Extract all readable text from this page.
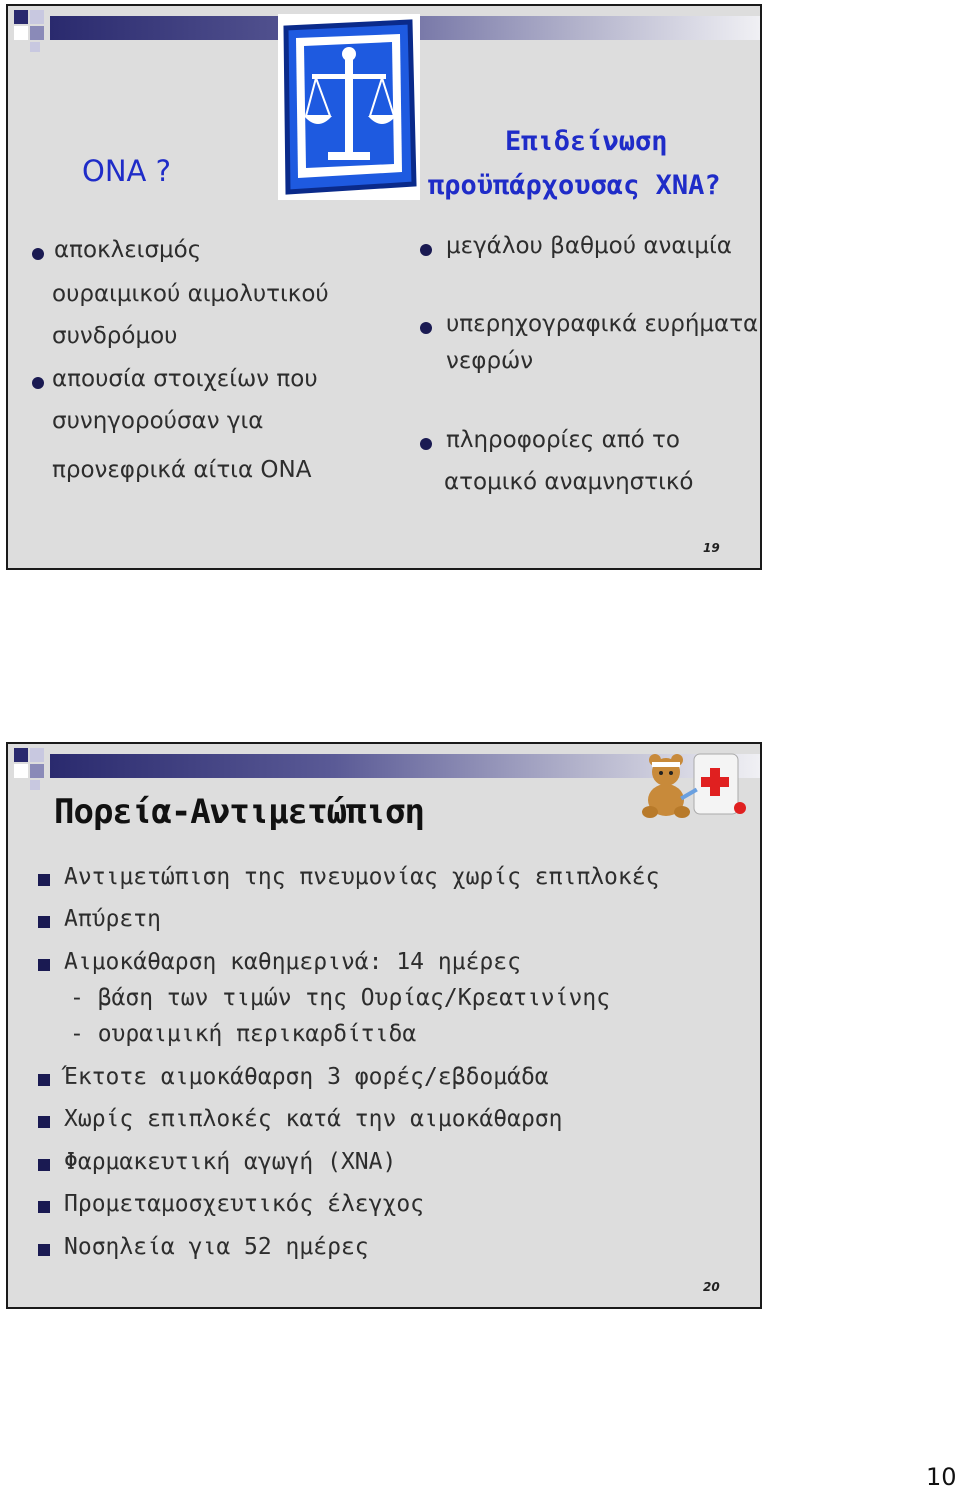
ΟΝΑ ?
Επιδείνωση
προϋπάρχουσας ΧΝΑ?
αποκλεισμός
ουραιμικού αιμολυτικού
συνδρόμου
απουσία στοιχείων που
συνηγορούσαν για
προνεφρικά αίτια ΟΝΑ
μεγάλου βαθμού αναιμία
υπερηχογραφικά ευρήματα
νεφρών
πληροφορίες από το
ατομικό αναμνηστικό
19
Πορεία-Αντιμετώπιση
Αντιμετώπιση της πνευμονίας χωρίς επιπλοκές
Απύρετη
Αιμοκάθαρση καθημερινά: 14 ημέρες
- βάση των τιμών της Ουρίας/Κρεατινίνης
- ουραιμική περικαρδίτιδα
Έκτοτε αιμοκάθαρση 3 φορές/εβδομάδα
Χωρίς επιπλοκές κατά την αιμοκάθαρση
Φαρμακευτική αγωγή (ΧΝΑ)
Προμεταμοσχευτικός έλεγχος
Νοσηλεία για 52 ημέρες
20
10
